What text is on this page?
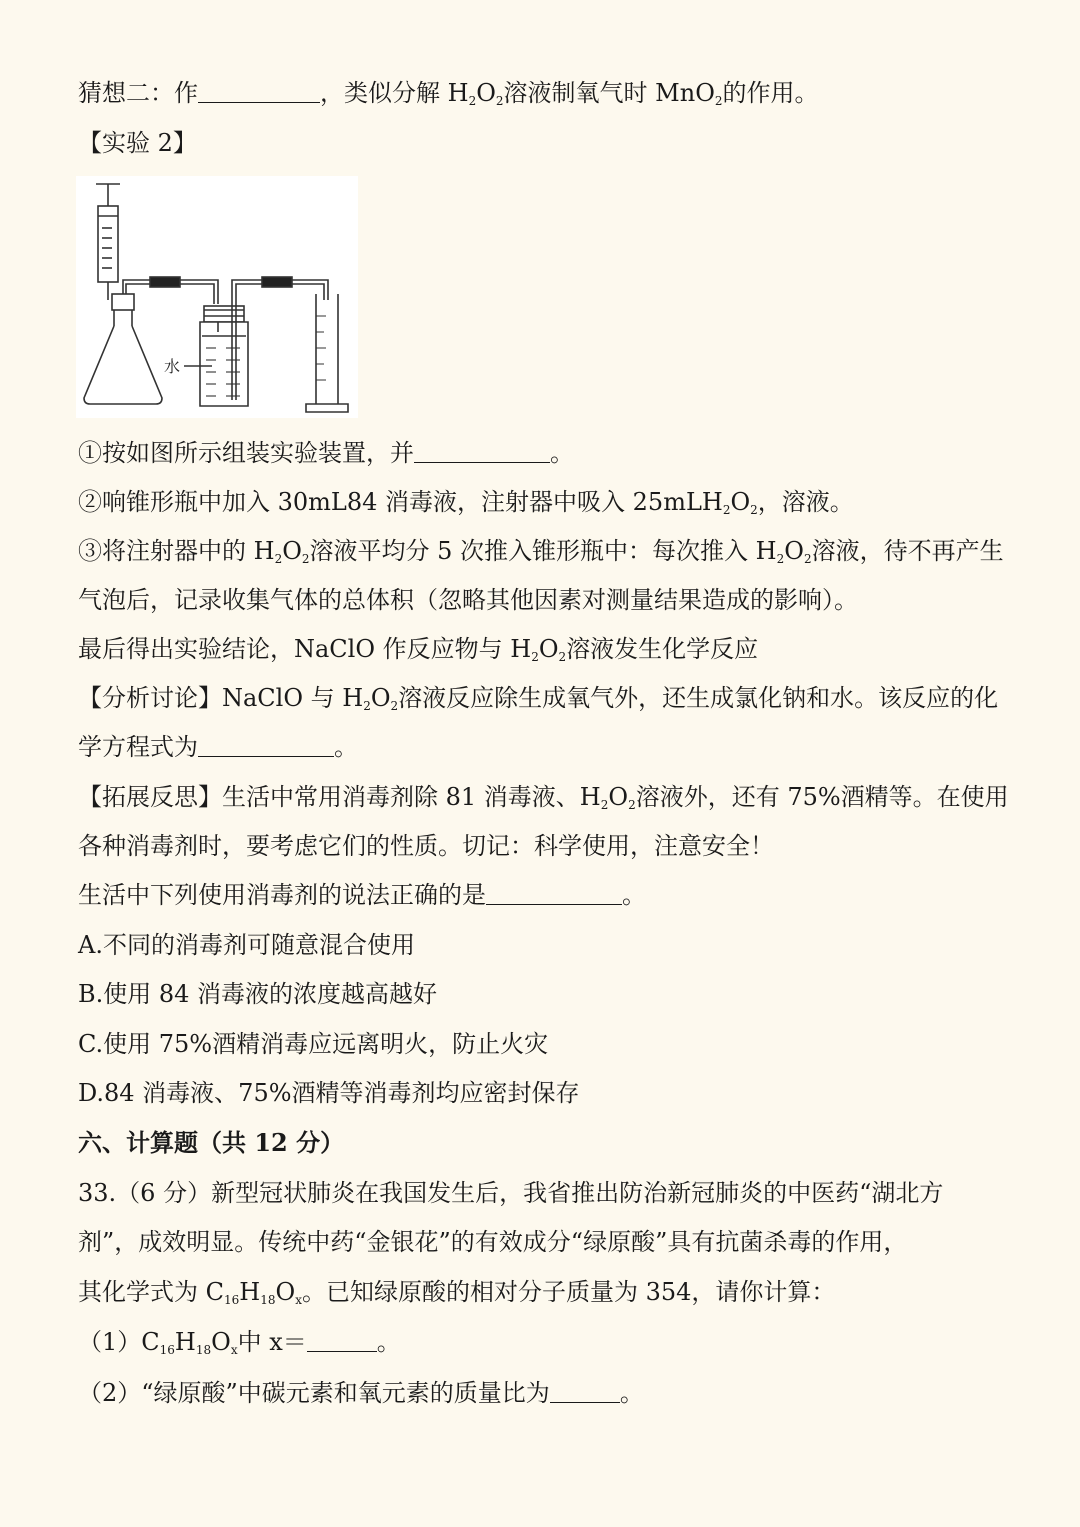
猜想二：作	，类似分解 $H_2O_2$溶液制氧气时 MnO$_2$的作用。
【实验 2】
水
①按如图所示组装实验装置，并	。
②响锥形瓶中加入 30mL84 消毒液，注射器中吸入 $25mLH_2O_2$，溶液。
③将注射器中的 $H_2O_2$溶液平均分 5 次推入锥形瓶中：每次推入 $H_2O_2$溶液，待不再产生
气泡后，记录收集气体的总体积（忽略其他因素对测量结果造成的影响）。
最后得出实验结论，NaClO 作反应物与 $H_2O_2$溶液发生化学反应
【分析讨论】NaClO 与 $H_2O_2$溶液反应除生成氧气外，还生成氯化钠和水。该反应的化
学方程式为	。
【拓展反思】生活中常用消毒剂除 81 消毒液、$H_2O_2$溶液外，还有 75%酒精等。在使用
各种消毒剂时，要考虑它们的性质。切记：科学使用，注意安全！
生活中下列使用消毒剂的说法正确的是	。
A.不同的消毒剂可随意混合使用
B.使用 84 消毒液的浓度越高越好
C.使用 75%酒精消毒应远离明火，防止火灾
D.84 消毒液、75%酒精等消毒剂均应密封保存
六、计算题（共 12 分）
33.（6 分）新型冠状肺炎在我国发生后，我省推出防治新冠肺炎的中医药“湖北方
剂”，成效明显。传统中药“金银花”的有效成分“绿原酸”具有抗菌杀毒的作用，
其化学式为 $C_{16}H_{18}O_x$。已知绿原酸的相对分子质量为 354，请你计算：
$(1)C_{16}H_{18}O_x$中 x＝	。
（2）“绿原酸”中碳元素和氧元素的质量比为	。
